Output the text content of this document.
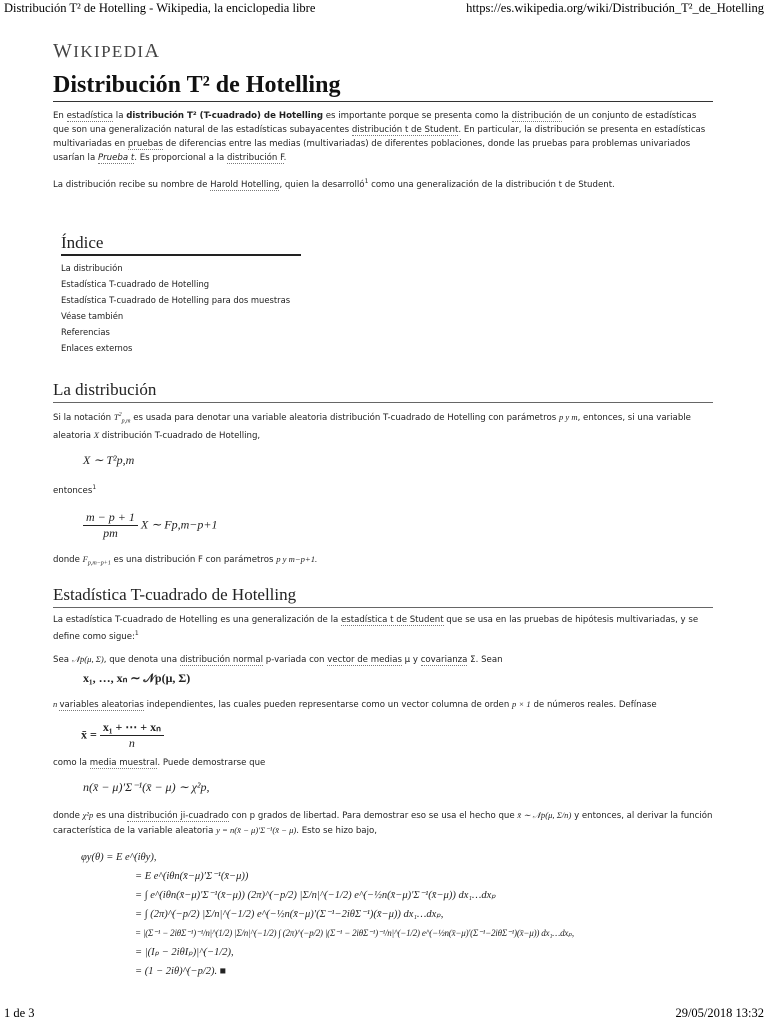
Distribución T² de Hotelling - Wikipedia, la enciclopedia libre	https://es.wikipedia.org/wiki/Distribución_T²_de_Hotelling
WIKIPEDIA
Distribución T² de Hotelling

En estadística la distribución T² (T-cuadrado) de Hotelling es importante porque se presenta como la distribución de un conjunto de estadísticas que son una generalización natural de las estadísticas subayacentes distribución t de Student. En particular, la distribución se presenta en estadísticas multivariadas en pruebas de diferencias entre las medias (multivariadas) de diferentes poblaciones, donde las pruebas para problemas univariados usarían la Prueba t. Es proporcional a la distribución F.

La distribución recibe su nombre de Harold Hotelling, quien la desarrolló$^1$ como una generalización de la distribución t de Student.

Índice
La distribución
Estadística T-cuadrado de Hotelling
Estadística T-cuadrado de Hotelling para dos muestras
Véase también
Referencias
Enlaces externos
La distribución

Si la notación $T^2_{p,m}$ es usada para denotar una variable aleatoria distribución T-cuadrado de Hotelling con parámetros p y m, entonces, si una variable aleatoria X distribución T-cuadrado de Hotelling,

X ∼ T²p,m

entonces$^1$

$\frac{m - p + 1}{pm}$ X ∼ Fp,m−p+1

donde $F_{p,m-p+1}$ es una distribución F con parámetros p y m−p+1.

Estadística T-cuadrado de Hotelling

La estadística T-cuadrado de Hotelling es una generalización de la estadística t de Student que se usa en las pruebas de hipótesis multivariadas, y se define como sigue:$^1$

Sea 𝒩p(μ, Σ), que denota una distribución normal p-variada con vector de medias μ y covarianza Σ. Sean

x₁, …, xₙ ∼ 𝒩p(μ, Σ)

n variables aleatorias independientes, las cuales pueden representarse como un vector columna de orden p × 1 de números reales. Defínase

x̄ = $\frac{\text{x₁ + ⋯ + xₙ}}{n}$

como la media muestral. Puede demostrarse que

n(x̄ − μ)′Σ⁻¹(x̄ − μ) ∼ χ²p,

donde χ²p es una distribución ji-cuadrado con p grados de libertad. Para demostrar eso se usa el hecho que x̄ ∼ 𝒩p(μ, Σ/n) y entonces, al derivar la función característica de la variable aleatoria y = n(x̄ − μ)′Σ⁻¹(x̄ − μ). Esto se hizo bajo,

φy(θ) = E e^(iθy),
= E e^(iθn(x̄−μ)′Σ⁻¹(x̄−μ))
= ∫ e^(iθn(x̄−μ)′Σ⁻¹(x̄−μ)) (2π)^(−p/2) |Σ/n|^(−1/2) e^(−½n(x̄−μ)′Σ⁻¹(x̄−μ)) dx₁…dxₚ
= ∫ (2π)^(−p/2) |Σ/n|^(−1/2) e^(−½n(x̄−μ)′(Σ⁻¹−2iθΣ⁻¹)(x̄−μ)) dx₁…dxₚ,
= |(Σ⁻¹ − 2iθΣ⁻¹)⁻¹/n|^(1/2) |Σ/n|^(−1/2) ∫ (2π)^(−p/2) |(Σ⁻¹ − 2iθΣ⁻¹)⁻¹/n|^(−1/2) e^(−½n(x̄−μ)′(Σ⁻¹−2iθΣ⁻¹)(x̄−μ)) dx₁…dxₚ,
= |(Iₚ − 2iθIₚ)|^(−1/2),
= (1 − 2iθ)^(−p/2). ■
1 de 3	29/05/2018 13:32
